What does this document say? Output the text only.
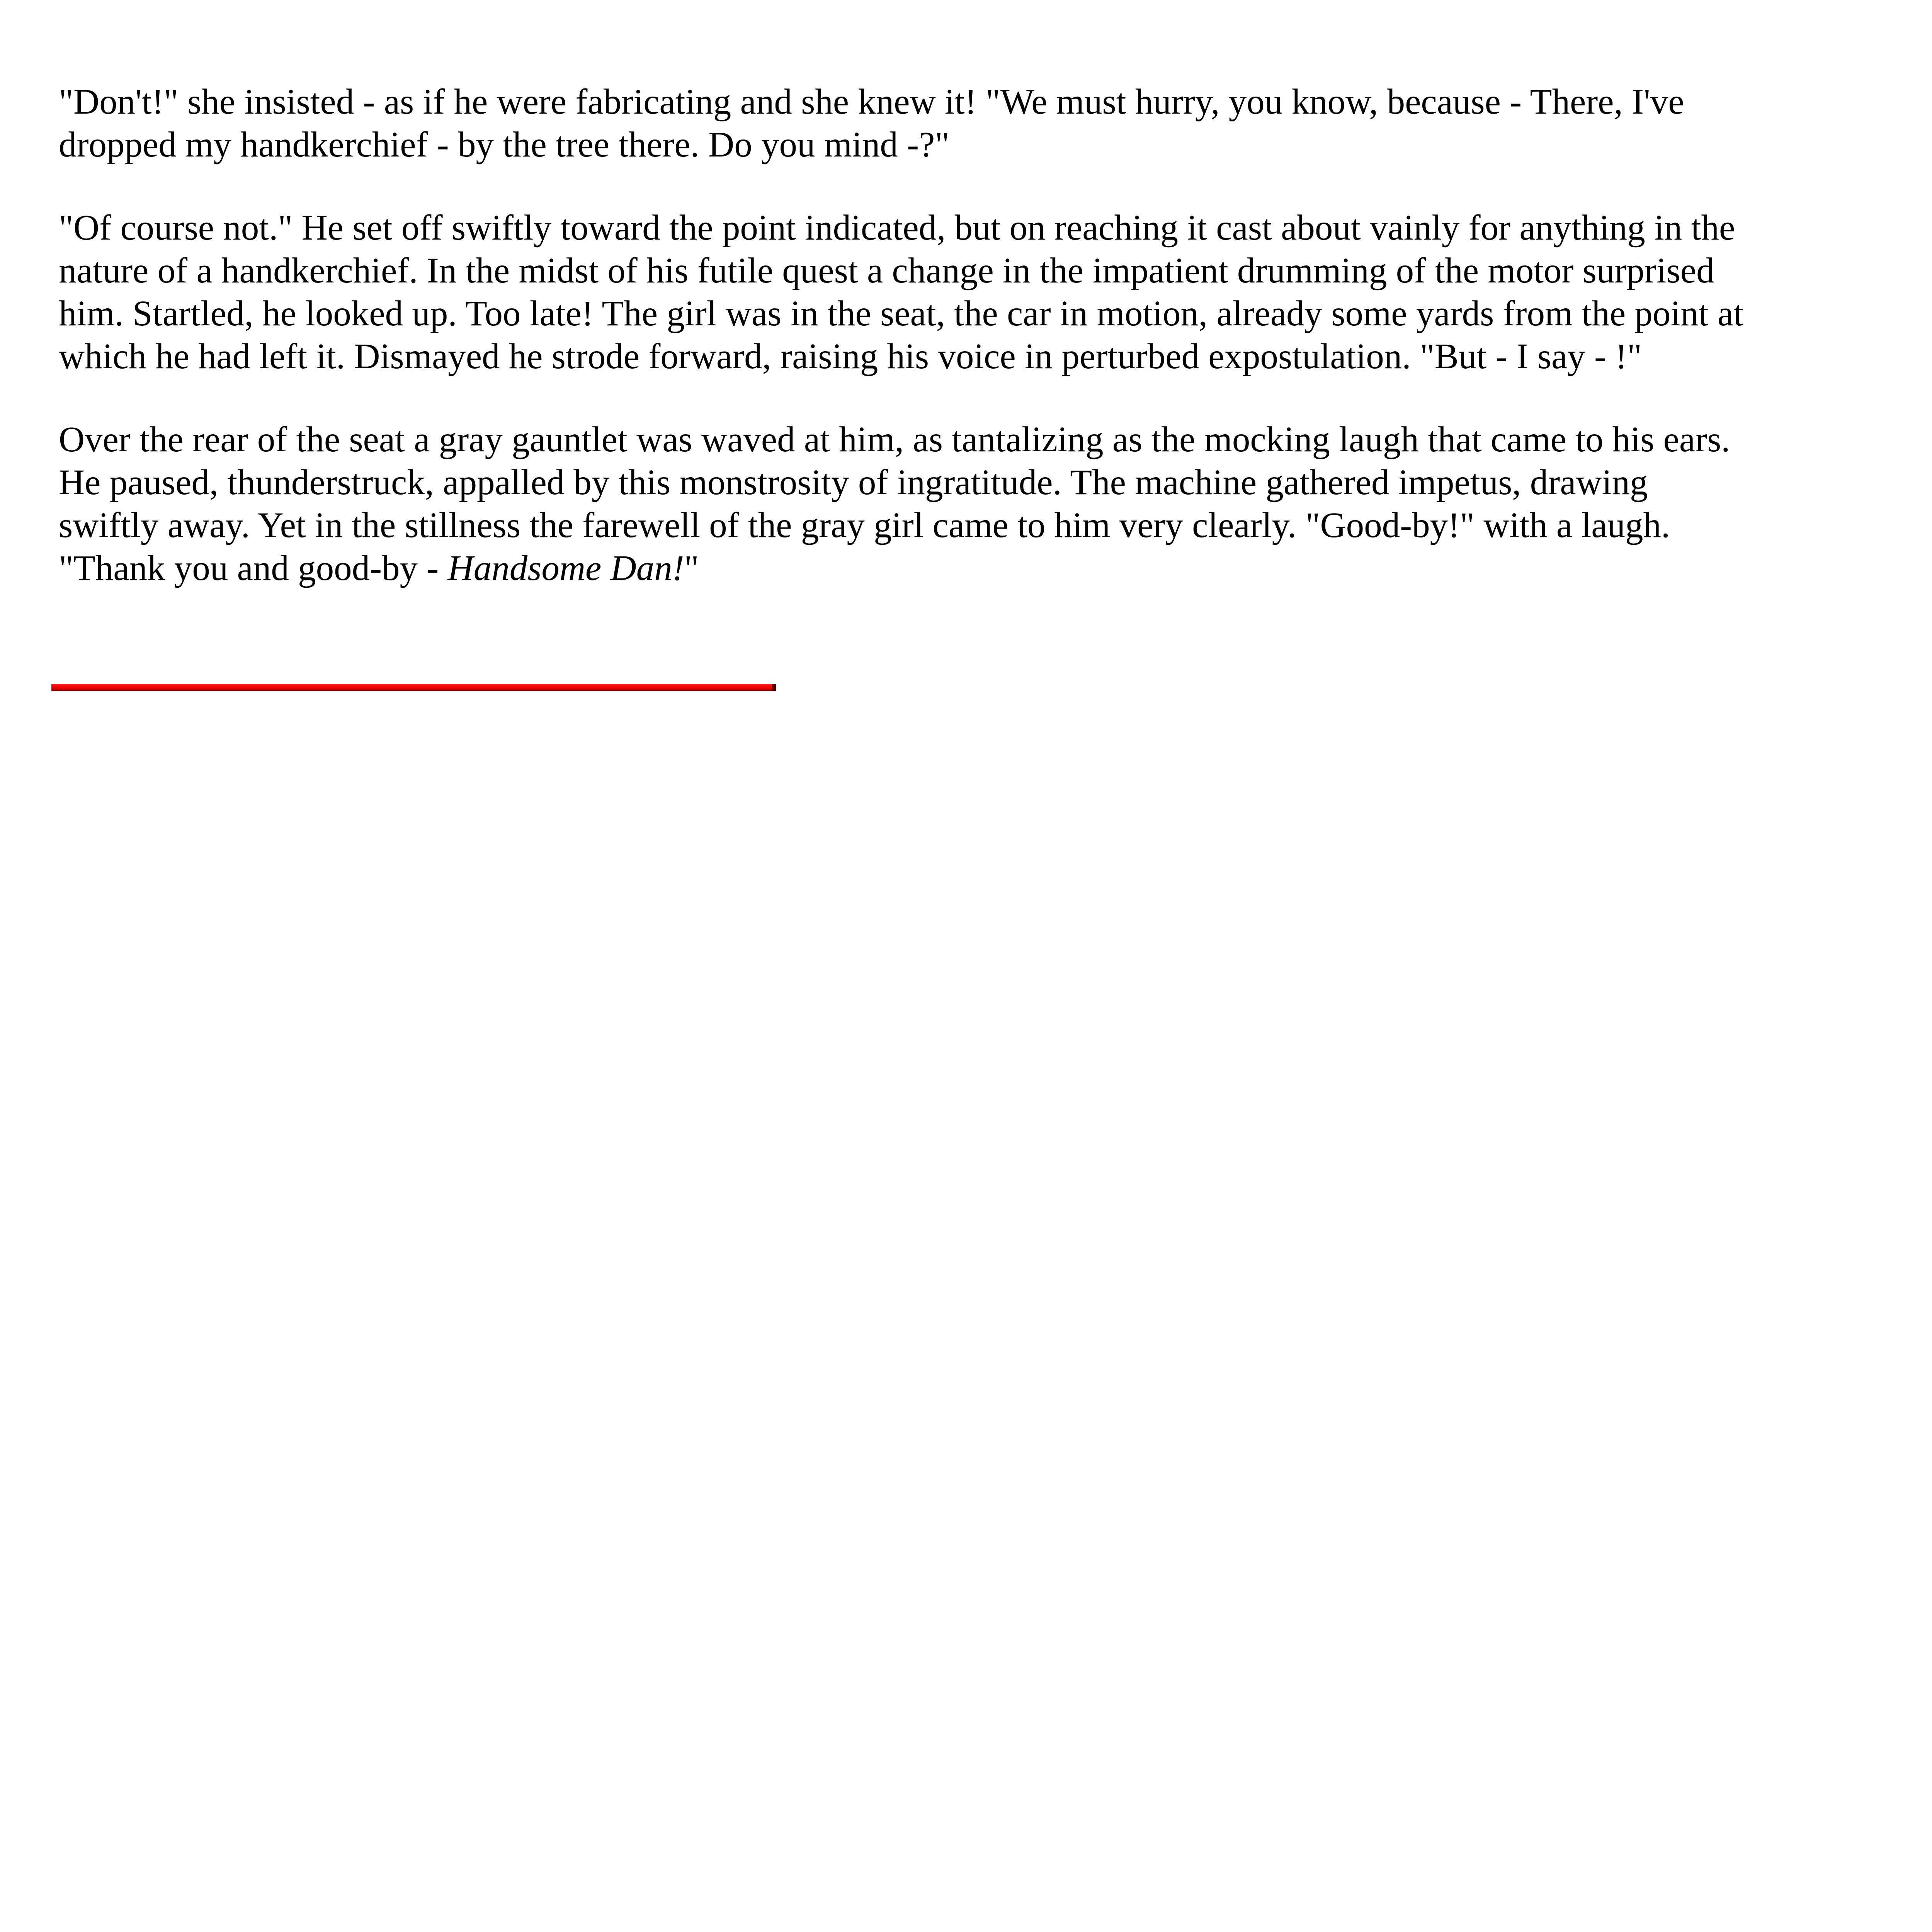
"Don't!" she insisted - as if he were fabricating and she knew it! "We must hurry, you know, because - There, I've dropped my handkerchief - by the tree there. Do you mind -?"

"Of course not." He set off swiftly toward the point indicated, but on reaching it cast about vainly for anything in the nature of a handkerchief. In the midst of his futile quest a change in the impatient drumming of the motor surprised him. Startled, he looked up. Too late! The girl was in the seat, the car in motion, already some yards from the point at which he had left it. Dismayed he strode forward, raising his voice in perturbed expostulation. "But - I say - !"

Over the rear of the seat a gray gauntlet was waved at him, as tantalizing as the mocking laugh that came to his ears. He paused, thunderstruck, appalled by this monstrosity of ingratitude. The machine gathered impetus, drawing swiftly away. Yet in the stillness the farewell of the gray girl came to him very clearly. "Good-by!" with a laugh. "Thank you and good-by - Handsome Dan!"
